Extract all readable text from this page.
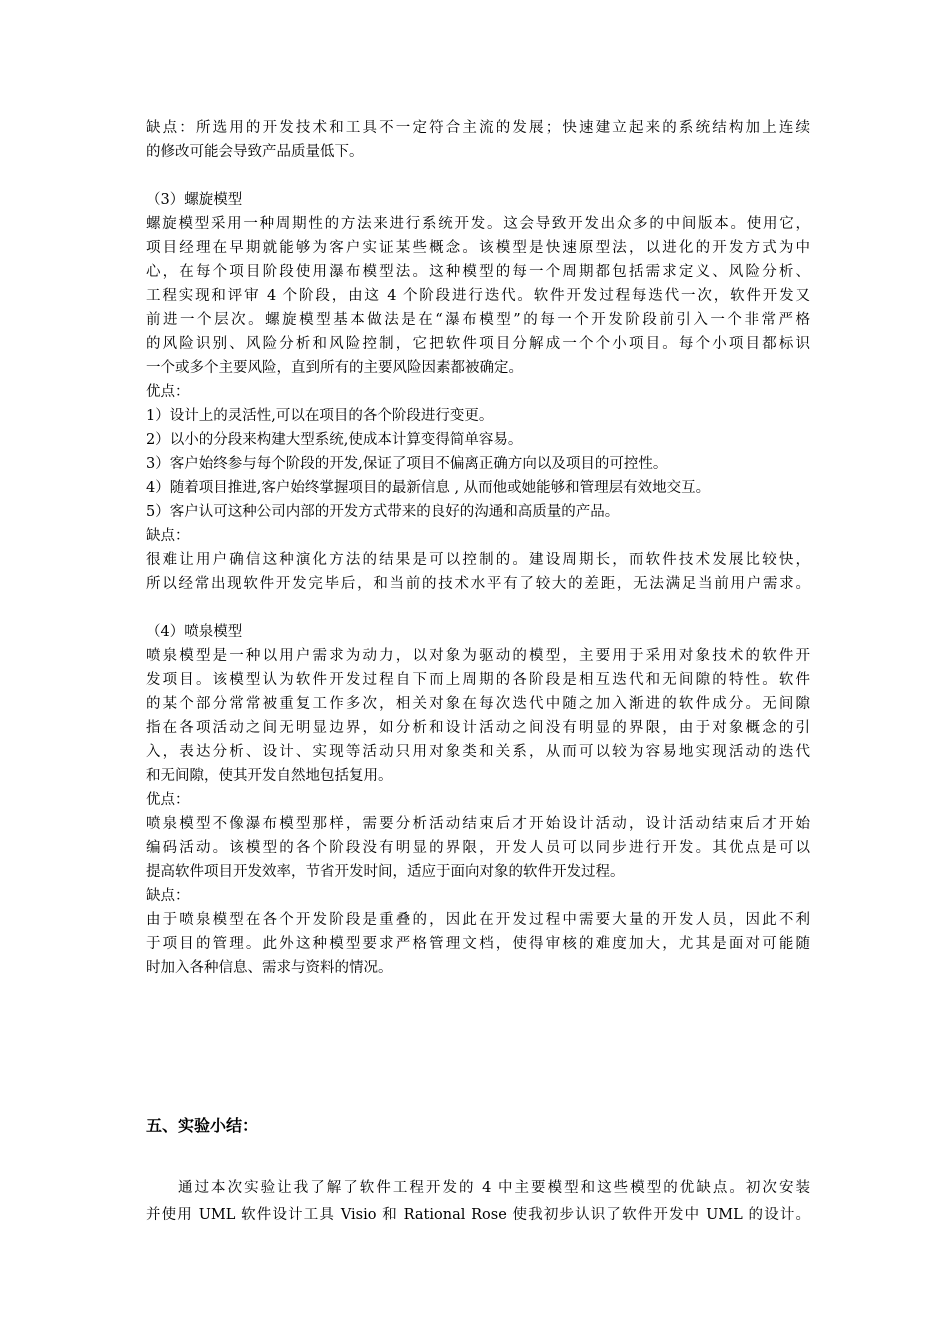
缺点：所选用的开发技术和工具不一定符合主流的发展；快速建立起来的系统结构加上连续
的修改可能会导致产品质量低下。
（3）螺旋模型
螺旋模型采用一种周期性的方法来进行系统开发。这会导致开发出众多的中间版本。使用它，
项目经理在早期就能够为客户实证某些概念。该模型是快速原型法，以进化的开发方式为中
心，在每个项目阶段使用瀑布模型法。这种模型的每一个周期都包括需求定义、风险分析、
工程实现和评审 4 个阶段，由这 4 个阶段进行迭代。软件开发过程每迭代一次，软件开发又
前进一个层次。螺旋模型基本做法是在“瀑布模型”的每一个开发阶段前引入一个非常严格
的风险识别、风险分析和风险控制，它把软件项目分解成一个个小项目。每个小项目都标识
一个或多个主要风险，直到所有的主要风险因素都被确定。
优点：
1）设计上的灵活性,可以在项目的各个阶段进行变更。
2）以小的分段来构建大型系统,使成本计算变得简单容易。
3）客户始终参与每个阶段的开发,保证了项目不偏离正确方向以及项目的可控性。
4）随着项目推进,客户始终掌握项目的最新信息 , 从而他或她能够和管理层有效地交互。
5）客户认可这种公司内部的开发方式带来的良好的沟通和高质量的产品。
缺点：
很难让用户确信这种演化方法的结果是可以控制的。建设周期长，而软件技术发展比较快，
所以经常出现软件开发完毕后，和当前的技术水平有了较大的差距，无法满足当前用户需求。
（4）喷泉模型
喷泉模型是一种以用户需求为动力，以对象为驱动的模型，主要用于采用对象技术的软件开
发项目。该模型认为软件开发过程自下而上周期的各阶段是相互迭代和无间隙的特性。软件
的某个部分常常被重复工作多次，相关对象在每次迭代中随之加入渐进的软件成分。无间隙
指在各项活动之间无明显边界，如分析和设计活动之间没有明显的界限，由于对象概念的引
入，表达分析、设计、实现等活动只用对象类和关系，从而可以较为容易地实现活动的迭代
和无间隙，使其开发自然地包括复用。
优点：
喷泉模型不像瀑布模型那样，需要分析活动结束后才开始设计活动，设计活动结束后才开始
编码活动。该模型的各个阶段没有明显的界限，开发人员可以同步进行开发。其优点是可以
提高软件项目开发效率，节省开发时间，适应于面向对象的软件开发过程。
缺点：
由于喷泉模型在各个开发阶段是重叠的，因此在开发过程中需要大量的开发人员，因此不利
于项目的管理。此外这种模型要求严格管理文档，使得审核的难度加大，尤其是面对可能随
时加入各种信息、需求与资料的情况。
五、实验小结：
通过本次实验让我了解了软件工程开发的 4 中主要模型和这些模型的优缺点。初次安装
并使用 UML 软件设计工具 Visio 和 Rational Rose 使我初步认识了软件开发中 UML 的设计。
